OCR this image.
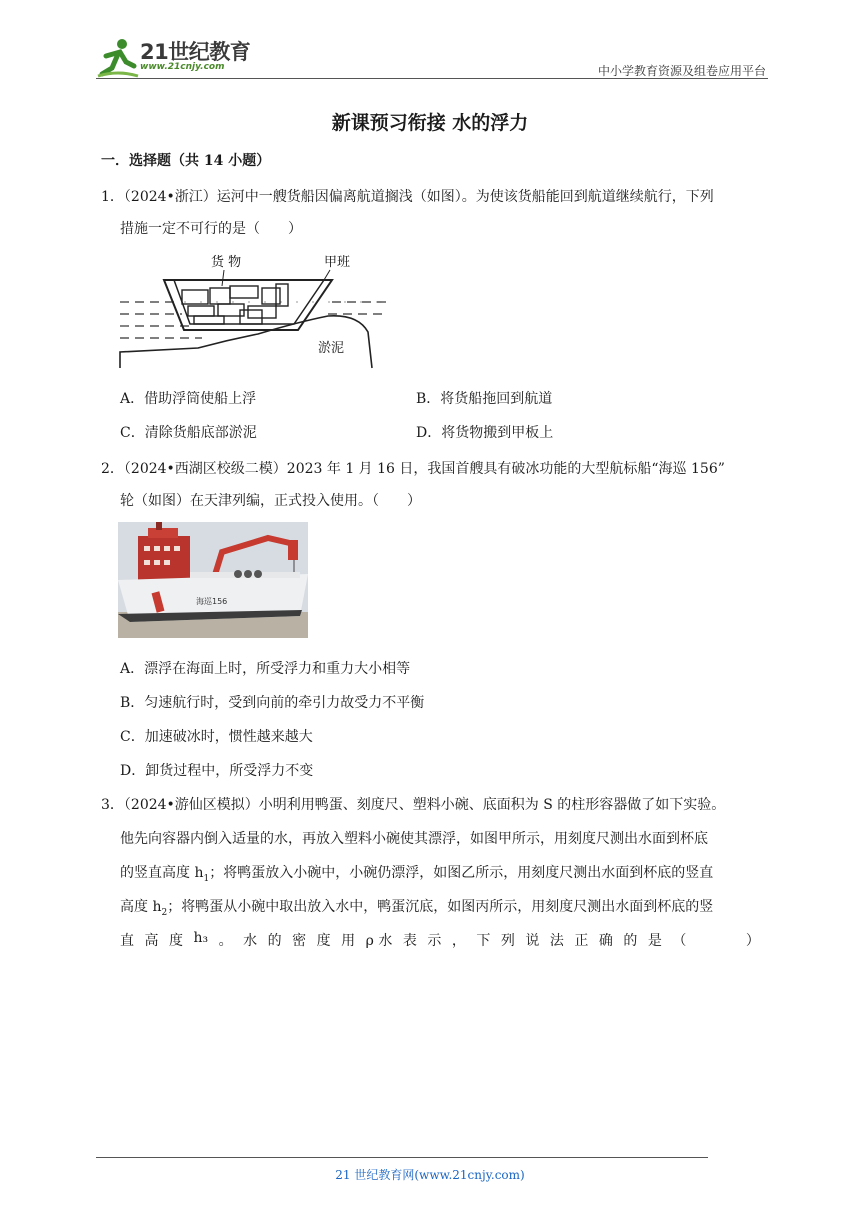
21世纪教育
www.21cnjy.com	中小学教育资源及组卷应用平台
新课预习衔接 水的浮力
一．选择题（共 14 小题）
1．（2024•浙江）运河中一艘货船因偏离航道搁浅（如图）。为使该货船能回到航道继续航行，下列
措施一定不可行的是（　　）
货 物	甲班
淤泥
A．借助浮筒使船上浮	B．将货船拖回到航道
C．清除货船底部淤泥	D．将货物搬到甲板上
2．（2024•西湖区校级二模）2023 年 1 月 16 日，我国首艘具有破冰功能的大型航标船“海巡 156”
轮（如图）在天津列编，正式投入使用。（　　）
海巡156
A．漂浮在海面上时，所受浮力和重力大小相等
B．匀速航行时，受到向前的牵引力故受力不平衡
C．加速破冰时，惯性越来越大
D．卸货过程中，所受浮力不变
3．（2024•游仙区模拟）小明利用鸭蛋、刻度尺、塑料小碗、底面积为 S 的柱形容器做了如下实验。
他先向容器内倒入适量的水，再放入塑料小碗使其漂浮，如图甲所示，用刻度尺测出水面到杯底
的竖直高度 $h_1$；将鸭蛋放入小碗中，小碗仍漂浮，如图乙所示，用刻度尺测出水面到杯底的竖直
高度 $h_2$；将鸭蛋从小碗中取出放入水中，鸭蛋沉底，如图丙所示，用刻度尺测出水面到杯底的竖
直 高 度 h₃ 。 水 的 密 度 用 ρ 水 表 示 ， 下 列 说 法 正 确 的 是 （

　	）
21 世纪教育网(www.21cnjy.com)
